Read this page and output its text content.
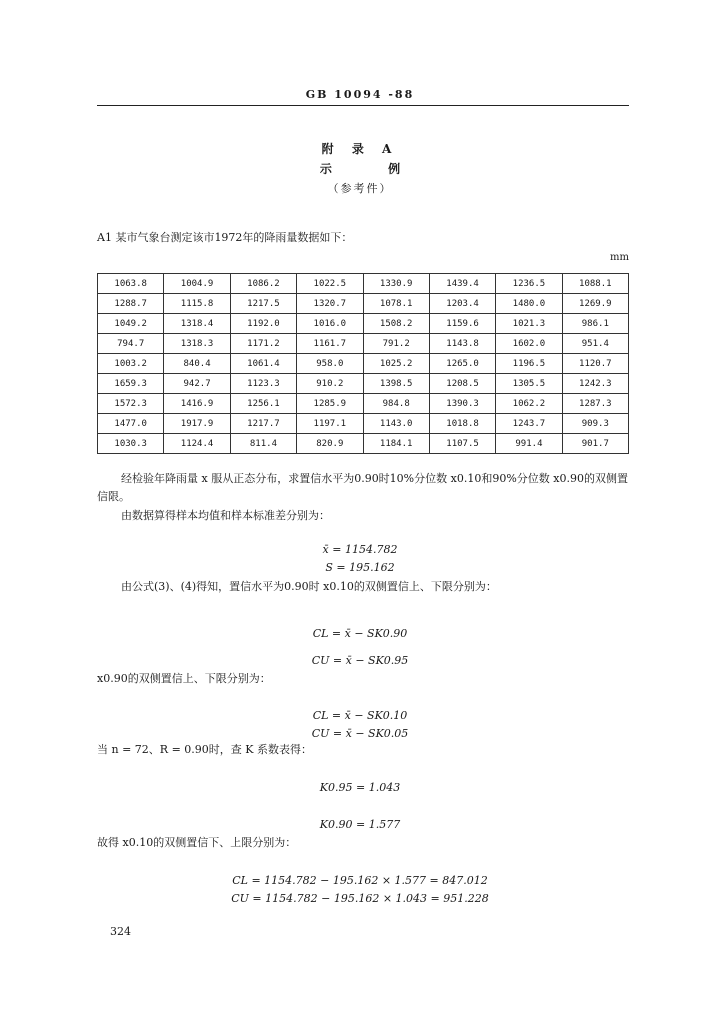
GB 10094 -88
附 录 A
示 例
（参考件）
A1 某市气象台测定该市1972年的降雨量数据如下：
mm
1063.8	1004.9	1086.2	1022.5	1330.9	1439.4	1236.5	1088.1
1288.7	1115.8	1217.5	1320.7	1078.1	1203.4	1480.0	1269.9
1049.2	1318.4	1192.0	1016.0	1508.2	1159.6	1021.3	986.1
794.7	1318.3	1171.2	1161.7	791.2	1143.8	1602.0	951.4
1003.2	840.4	1061.4	958.0	1025.2	1265.0	1196.5	1120.7
1659.3	942.7	1123.3	910.2	1398.5	1208.5	1305.5	1242.3
1572.3	1416.9	1256.1	1285.9	984.8	1390.3	1062.2	1287.3
1477.0	1917.9	1217.7	1197.1	1143.0	1018.8	1243.7	909.3
1030.3	1124.4	811.4	820.9	1184.1	1107.5	991.4	901.7
经检验年降雨量 x 服从正态分布，求置信水平为0.90时10%分位数 x0.10和90%分位数 x0.90的双侧置
信限。
由数据算得样本均值和样本标准差分别为：
x̄ = 1154.782
S = 195.162
由公式(3)、(4)得知，置信水平为0.90时 x0.10的双侧置信上、下限分别为：
CL = x̄ − SK0.90
CU = x̄ − SK0.95
x0.90的双侧置信上、下限分别为：
CL = x̄ − SK0.10
CU = x̄ − SK0.05
当 n = 72、R = 0.90时，查 K 系数表得：
K0.95 = 1.043
K0.90 = 1.577
故得 x0.10的双侧置信下、上限分别为：
CL = 1154.782 − 195.162 × 1.577 = 847.012
CU = 1154.782 − 195.162 × 1.043 = 951.228
324
